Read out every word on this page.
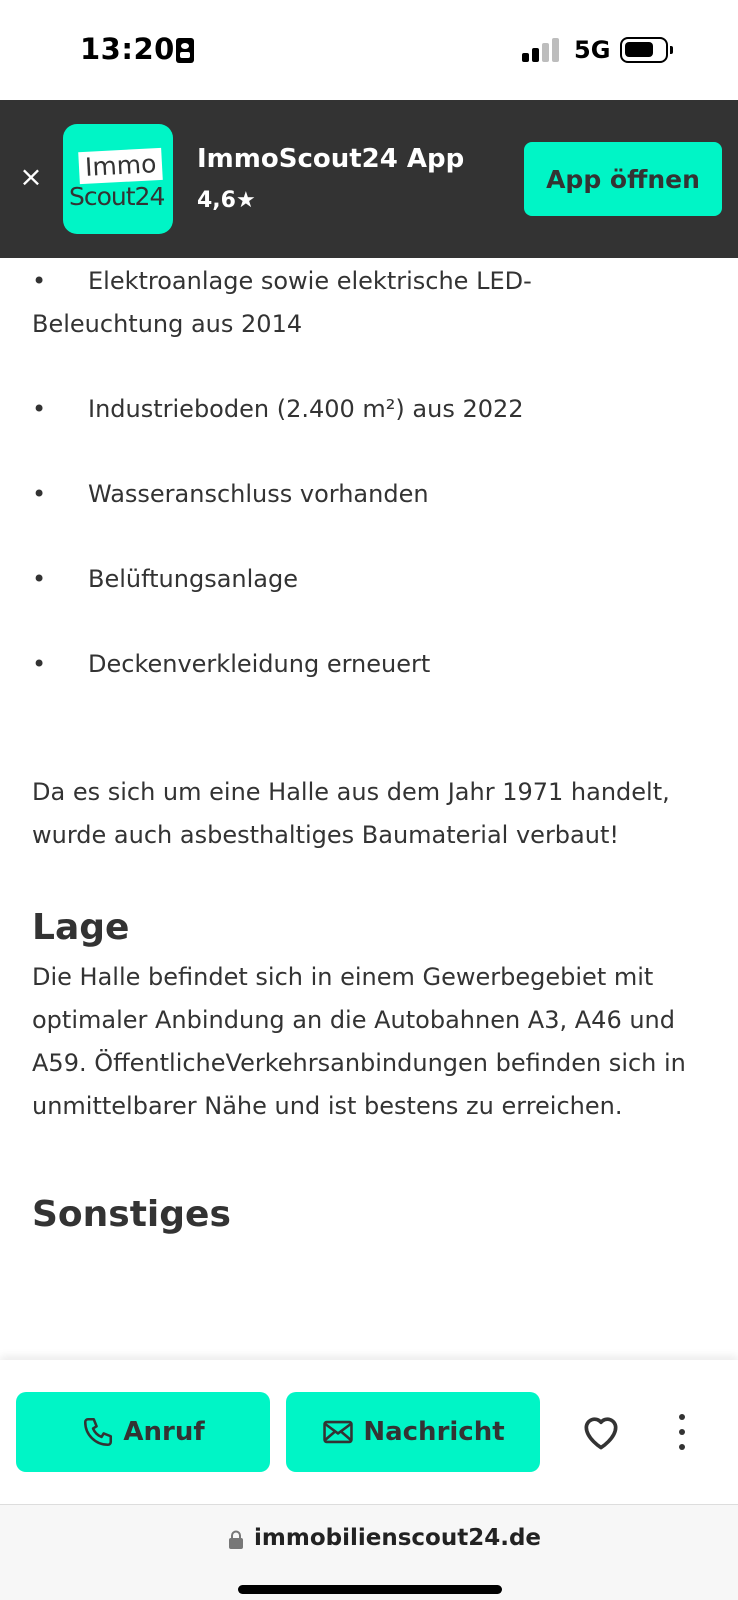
13:20	5G
× Immo
Scout24
ImmoScout24 App
4,6★
App öffnen
•	Elektroanlage sowie elektrische LED-Beleuchtung aus 2014
•	Industrieboden (2.400 m²) aus 2022
•	Wasseranschluss vorhanden
•	Belüftungsanlage
•	Deckenverkleidung erneuert

Da es sich um eine Halle aus dem Jahr 1971 handelt, wurde auch asbesthaltiges Baumaterial verbaut!

Lage

Die Halle befindet sich in einem Gewerbegebiet mit optimaler Anbindung an die Autobahnen A3, A46 und A59. ÖffentlicheVerkehrsanbindungen befinden sich in unmittelbarer Nähe und ist bestens zu erreichen.

Sonstiges
Anruf	Nachricht
immobilienscout24.de
